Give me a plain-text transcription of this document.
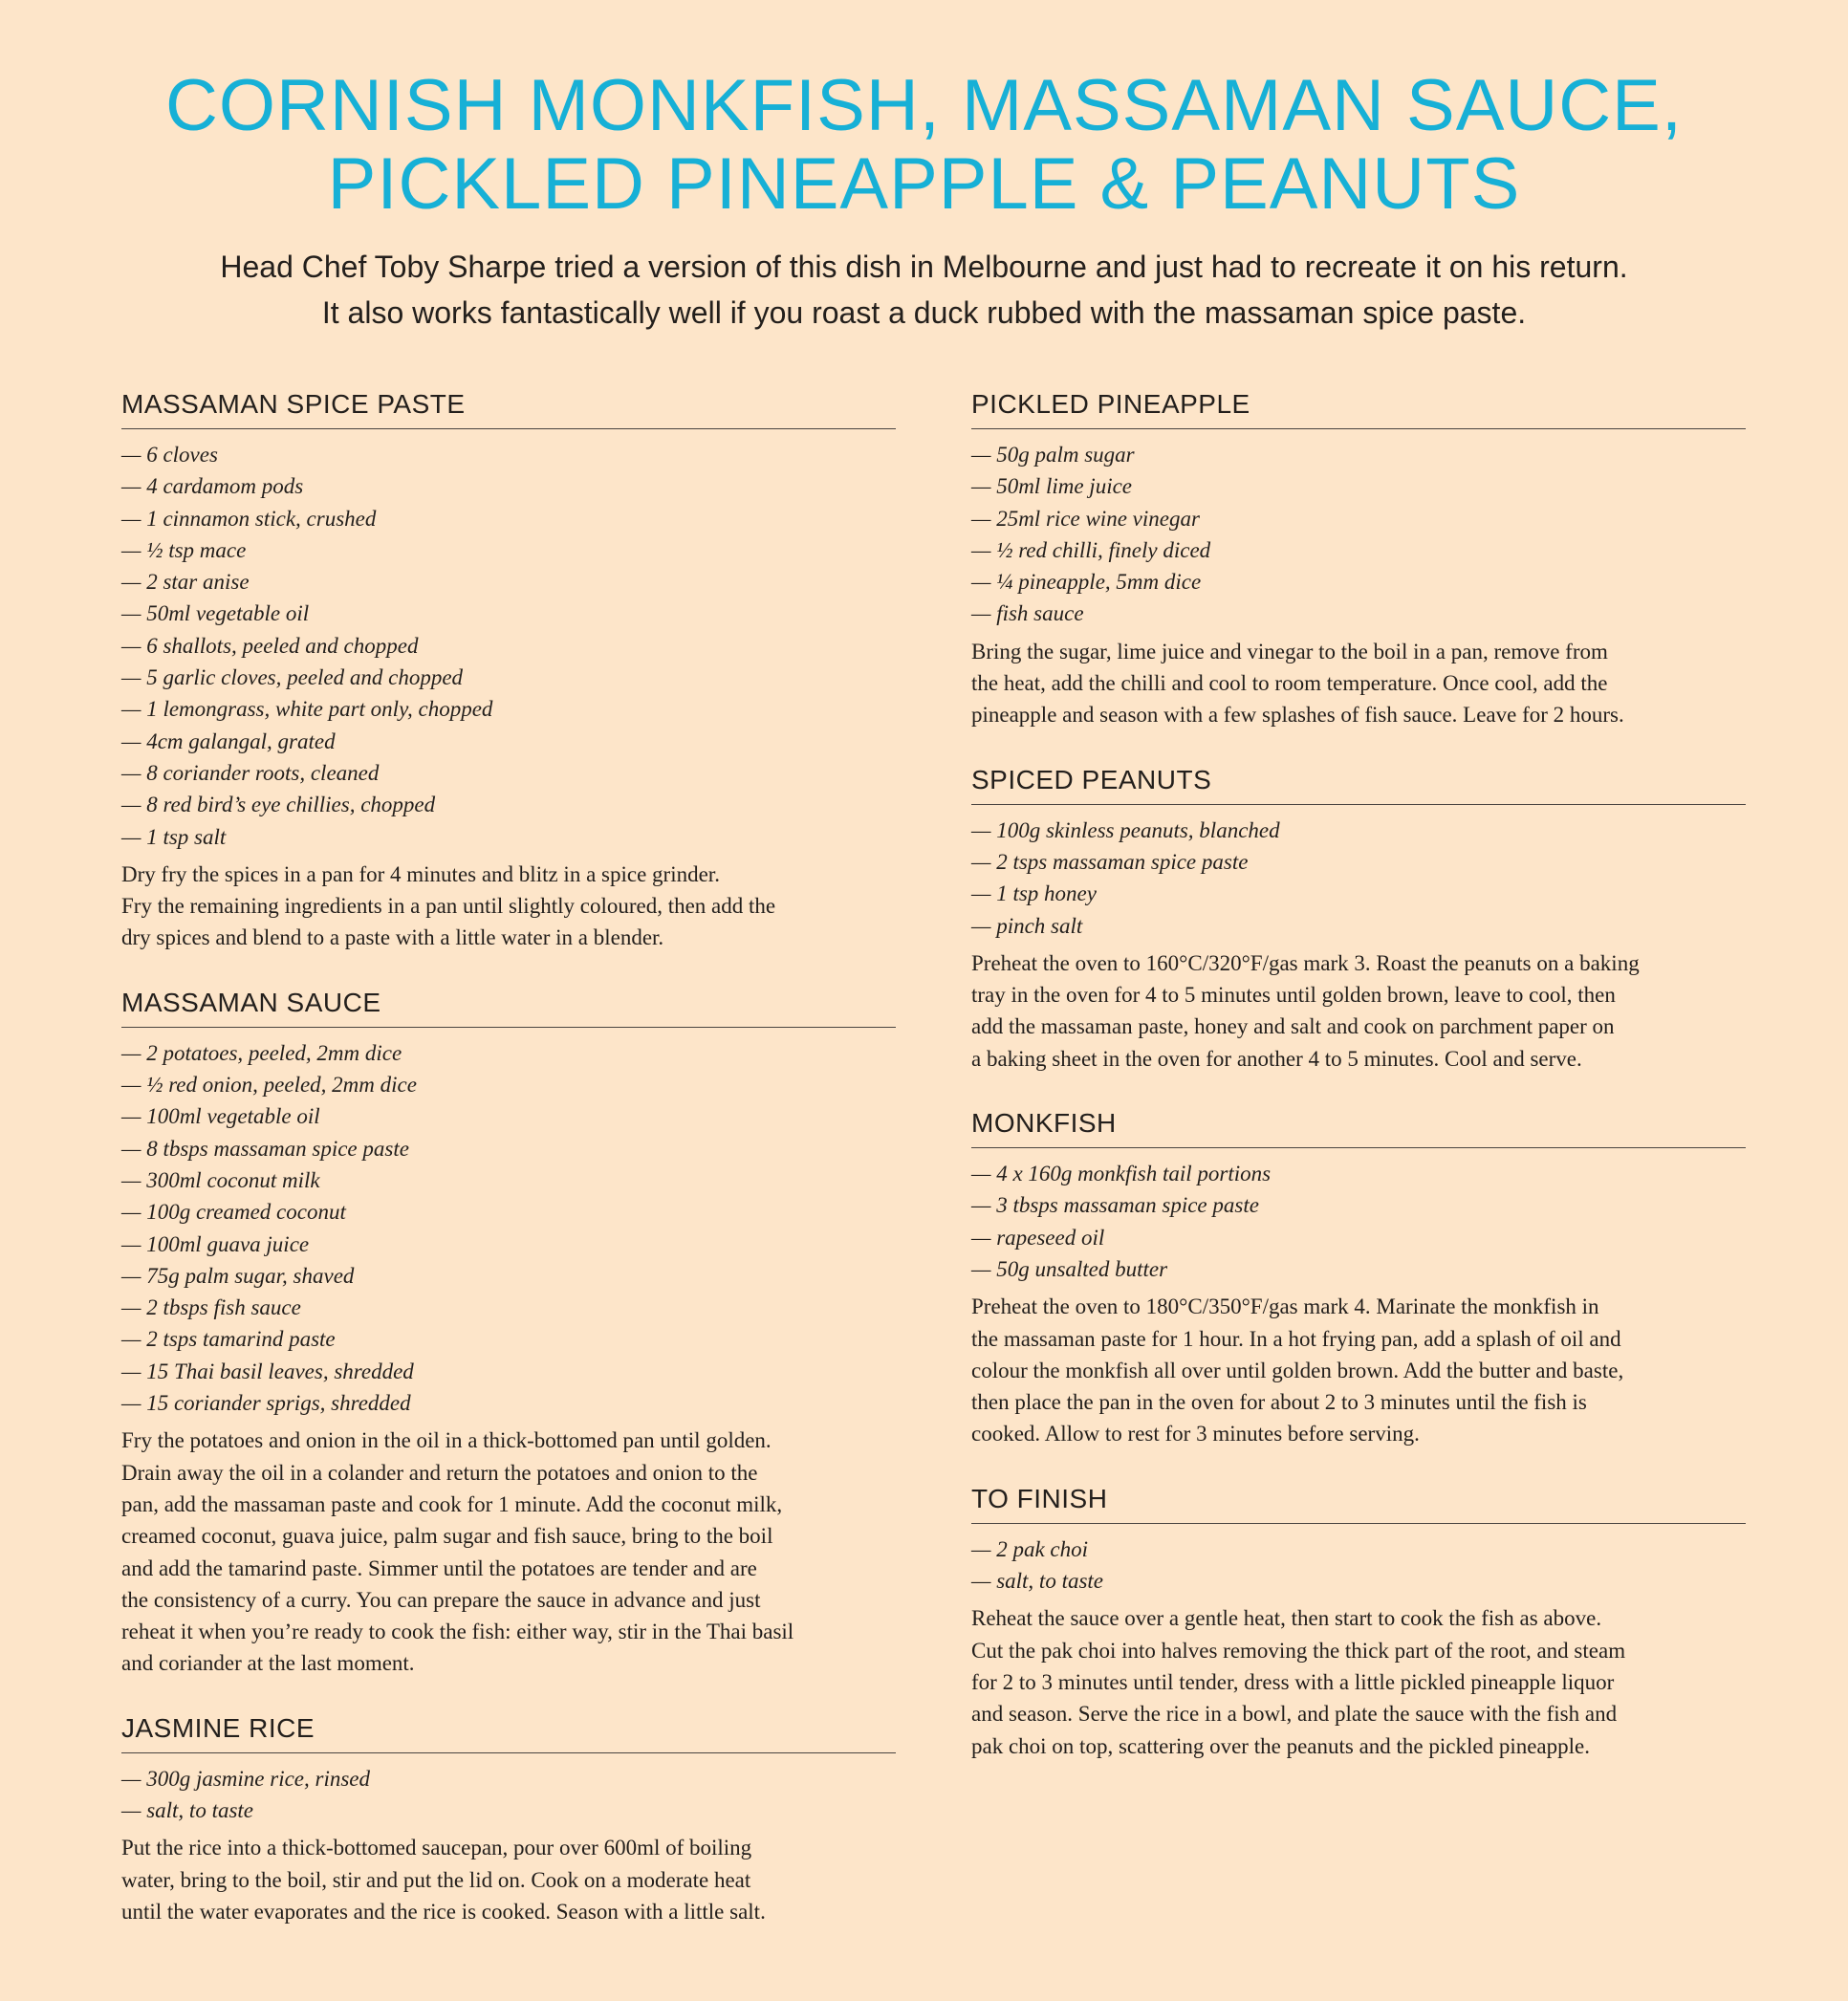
CORNISH MONKFISH, MASSAMAN SAUCE,
PICKLED PINEAPPLE & PEANUTS
Head Chef Toby Sharpe tried a version of this dish in Melbourne and just had to recreate it on his return.
It also works fantastically well if you roast a duck rubbed with the massaman spice paste.
MASSAMAN SPICE PASTE
— 6 cloves
— 4 cardamom pods
— 1 cinnamon stick, crushed
— ½ tsp mace
— 2 star anise
— 50ml vegetable oil
— 6 shallots, peeled and chopped
— 5 garlic cloves, peeled and chopped
— 1 lemongrass, white part only, chopped
— 4cm galangal, grated
— 8 coriander roots, cleaned
— 8 red bird’s eye chillies, chopped
— 1 tsp salt
Dry fry the spices in a pan for 4 minutes and blitz in a spice grinder.
Fry the remaining ingredients in a pan until slightly coloured, then add the
dry spices and blend to a paste with a little water in a blender.
MASSAMAN SAUCE
— 2 potatoes, peeled, 2mm dice
— ½ red onion, peeled, 2mm dice
— 100ml vegetable oil
— 8 tbsps massaman spice paste
— 300ml coconut milk
— 100g creamed coconut
— 100ml guava juice
— 75g palm sugar, shaved
— 2 tbsps fish sauce
— 2 tsps tamarind paste
— 15 Thai basil leaves, shredded
— 15 coriander sprigs, shredded
Fry the potatoes and onion in the oil in a thick-bottomed pan until golden.
Drain away the oil in a colander and return the potatoes and onion to the
pan, add the massaman paste and cook for 1 minute. Add the coconut milk,
creamed coconut, guava juice, palm sugar and fish sauce, bring to the boil
and add the tamarind paste. Simmer until the potatoes are tender and are
the consistency of a curry. You can prepare the sauce in advance and just
reheat it when you’re ready to cook the fish: either way, stir in the Thai basil
and coriander at the last moment.
JASMINE RICE
— 300g jasmine rice, rinsed
— salt, to taste
Put the rice into a thick-bottomed saucepan, pour over 600ml of boiling
water, bring to the boil, stir and put the lid on. Cook on a moderate heat
until the water evaporates and the rice is cooked. Season with a little salt.
PICKLED PINEAPPLE
— 50g palm sugar
— 50ml lime juice
— 25ml rice wine vinegar
— ½ red chilli, finely diced
— ¼ pineapple, 5mm dice
— fish sauce
Bring the sugar, lime juice and vinegar to the boil in a pan, remove from
the heat, add the chilli and cool to room temperature. Once cool, add the
pineapple and season with a few splashes of fish sauce. Leave for 2 hours.
SPICED PEANUTS
— 100g skinless peanuts, blanched
— 2 tsps massaman spice paste
— 1 tsp honey
— pinch salt
Preheat the oven to 160°C/320°F/gas mark 3. Roast the peanuts on a baking
tray in the oven for 4 to 5 minutes until golden brown, leave to cool, then
add the massaman paste, honey and salt and cook on parchment paper on
a baking sheet in the oven for another 4 to 5 minutes. Cool and serve.
MONKFISH
— 4 x 160g monkfish tail portions
— 3 tbsps massaman spice paste
— rapeseed oil
— 50g unsalted butter
Preheat the oven to 180°C/350°F/gas mark 4. Marinate the monkfish in
the massaman paste for 1 hour. In a hot frying pan, add a splash of oil and
colour the monkfish all over until golden brown. Add the butter and baste,
then place the pan in the oven for about 2 to 3 minutes until the fish is
cooked. Allow to rest for 3 minutes before serving.
TO FINISH
— 2 pak choi
— salt, to taste
Reheat the sauce over a gentle heat, then start to cook the fish as above.
Cut the pak choi into halves removing the thick part of the root, and steam
for 2 to 3 minutes until tender, dress with a little pickled pineapple liquor
and season. Serve the rice in a bowl, and plate the sauce with the fish and
pak choi on top, scattering over the peanuts and the pickled pineapple.
